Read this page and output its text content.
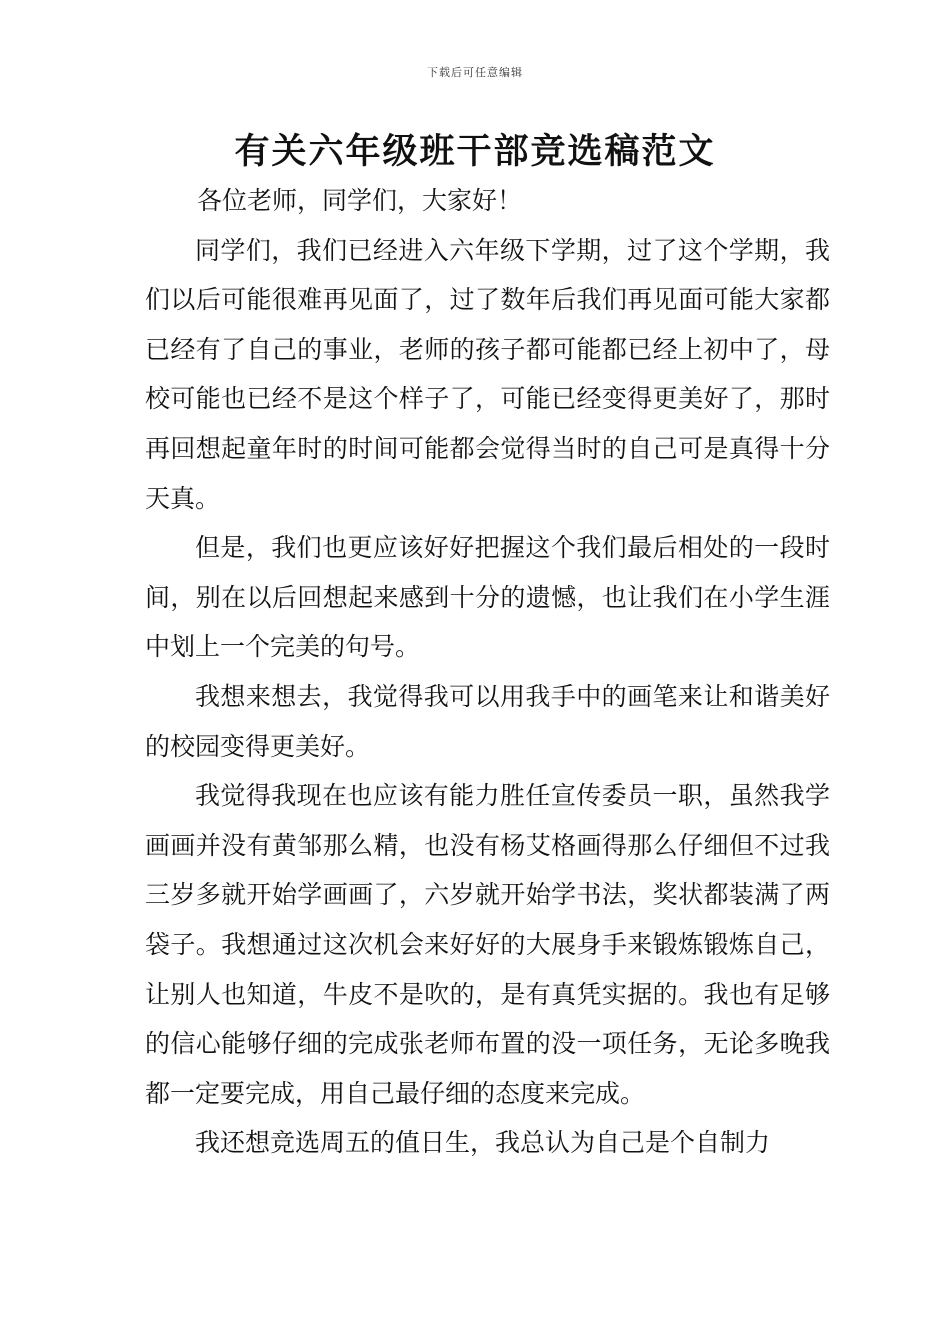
下载后可任意编辑
有关六年级班干部竞选稿范文

各位老师，同学们，大家好！

同学们，我们已经进入六年级下学期，过了这个学期，我们以后可能很难再见面了，过了数年后我们再见面可能大家都已经有了自己的事业，老师的孩子都可能都已经上初中了，母校可能也已经不是这个样子了，可能已经变得更美好了，那时再回想起童年时的时间可能都会觉得当时的自己可是真得十分天真。

但是，我们也更应该好好把握这个我们最后相处的一段时间，别在以后回想起来感到十分的遗憾，也让我们在小学生涯中划上一个完美的句号。

我想来想去，我觉得我可以用我手中的画笔来让和谐美好的校园变得更美好。

我觉得我现在也应该有能力胜任宣传委员一职，虽然我学画画并没有黄邹那么精，也没有杨艾格画得那么仔细但不过我三岁多就开始学画画了，六岁就开始学书法，奖状都装满了两袋子。我想通过这次机会来好好的大展身手来锻炼锻炼自己，让别人也知道，牛皮不是吹的，是有真凭实据的。我也有足够的信心能够仔细的完成张老师布置的没一项任务，无论多晚我都一定要完成，用自己最仔细的态度来完成。

我还想竞选周五的值日生，我总认为自己是个自制力
